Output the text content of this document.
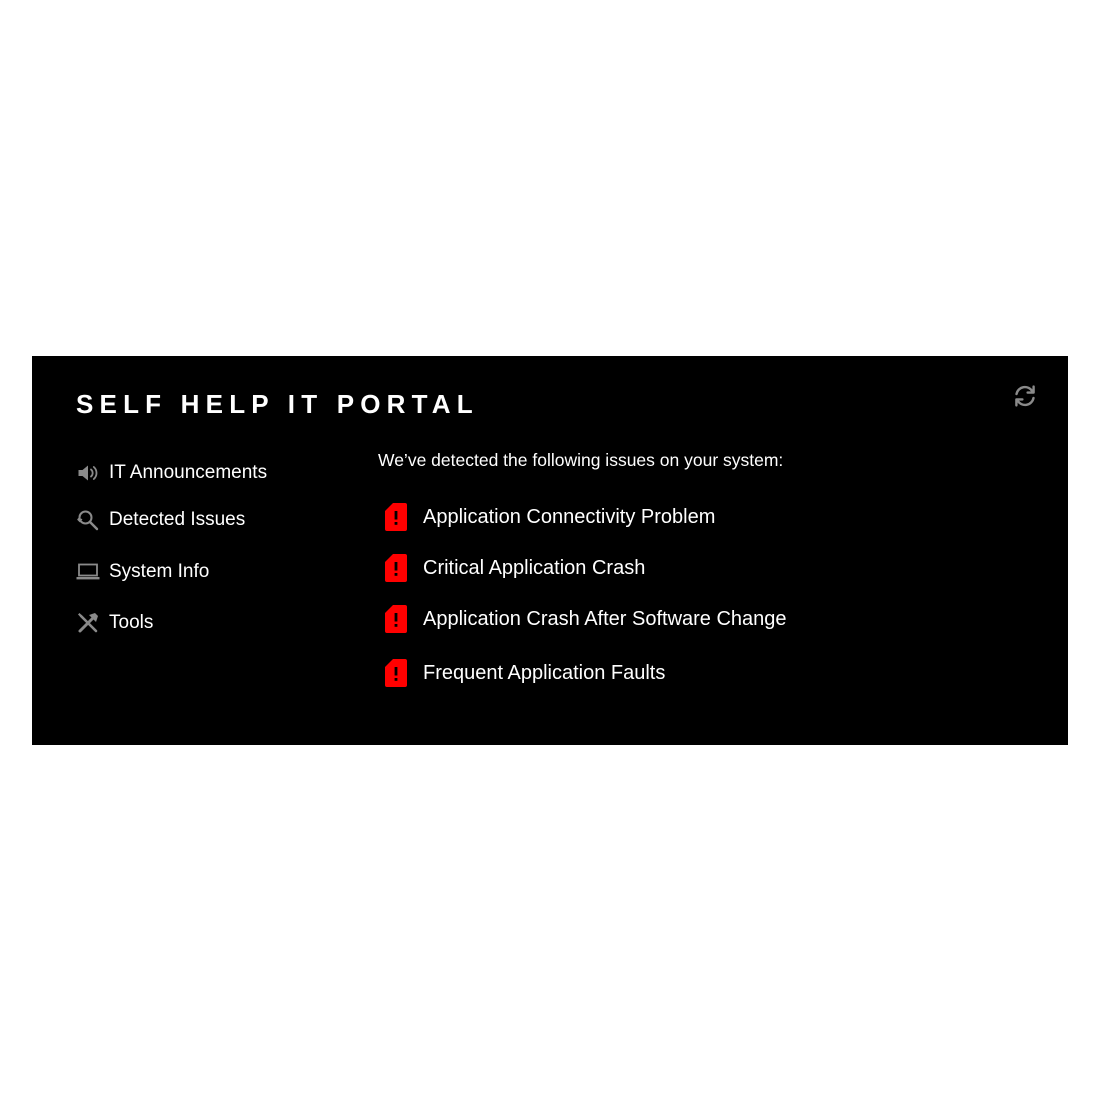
SELF HELP IT PORTAL
IT Announcements
Detected Issues
System Info
Tools
We’ve detected the following issues on your system:
Application Connectivity Problem
Critical Application Crash
Application Crash After Software Change
Frequent Application Faults
